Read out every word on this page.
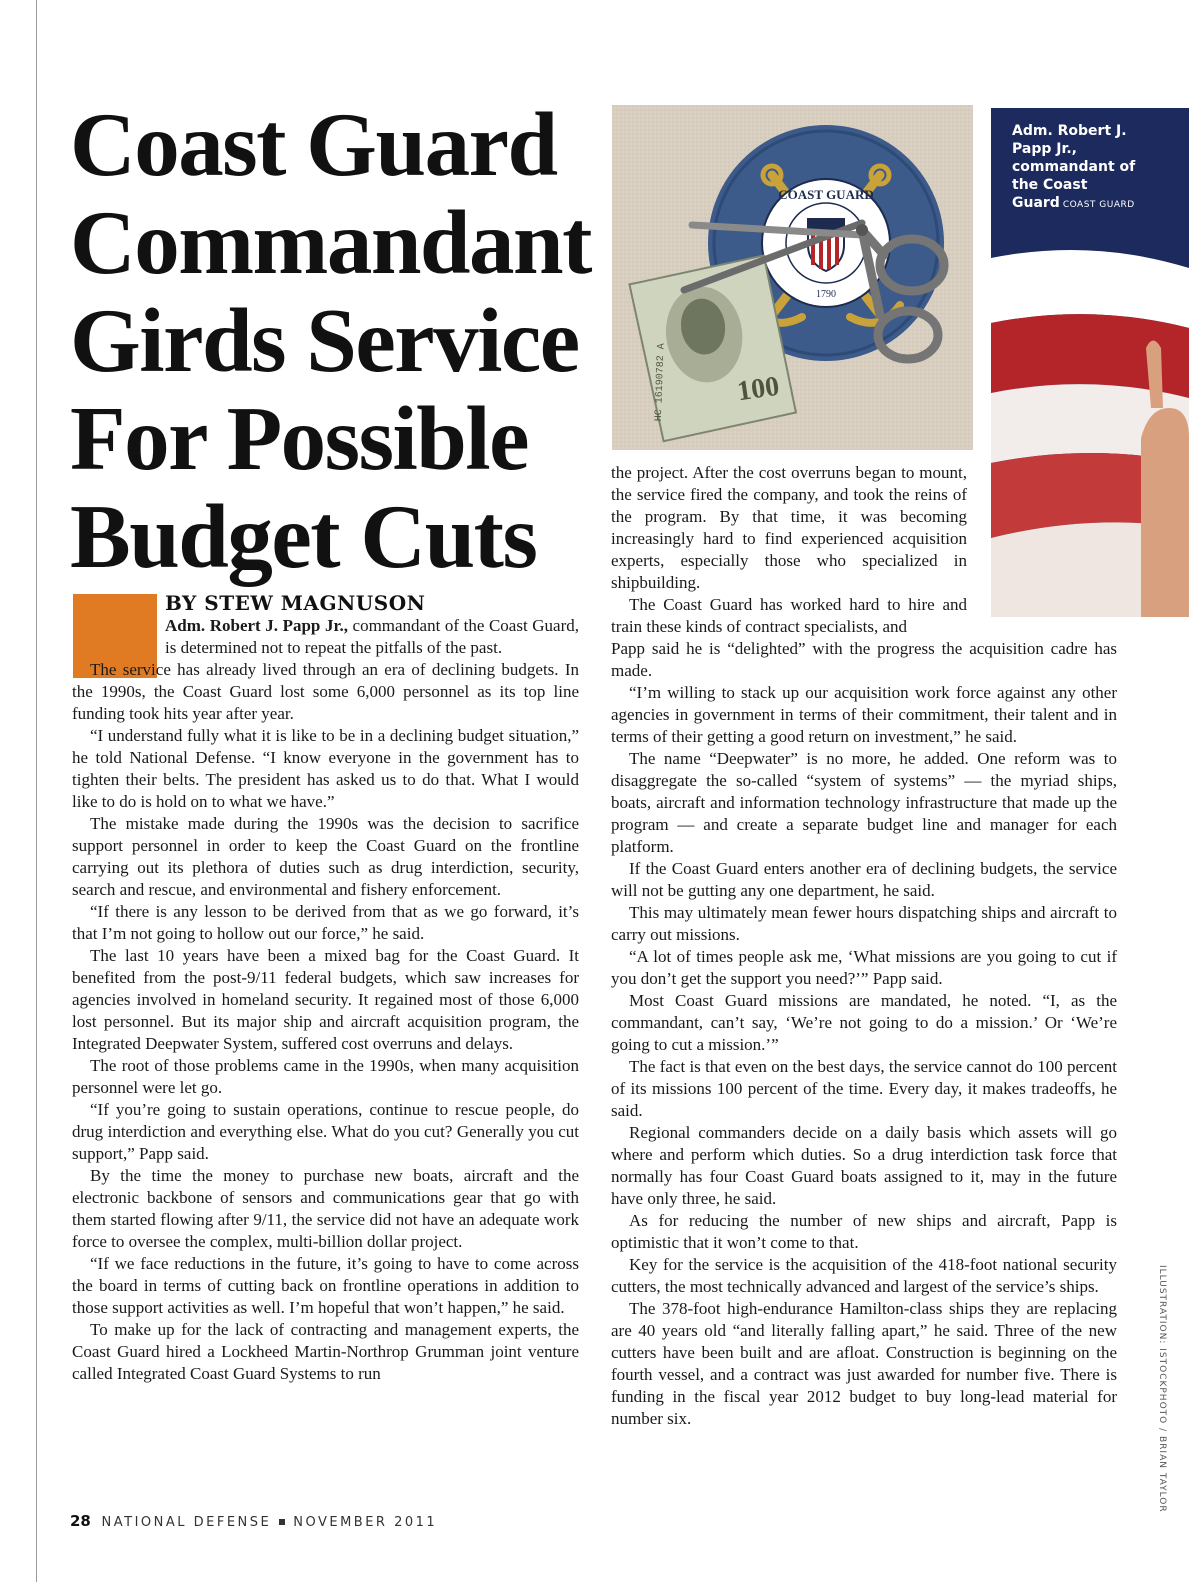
Coast Guard
Commandant
Girds Service
For Possible
Budget Cuts
COAST GUARD
1790
100
HC 16190782 A
Adm. Robert J. Papp Jr., commandant of the Coast Guard COAST GUARD
BY STEW MAGNUSON

Adm. Robert J. Papp Jr., commandant of the Coast Guard, is determined not to repeat the pitfalls of the past.

The service has already lived through an era of declining budgets. In the 1990s, the Coast Guard lost some 6,000 personnel as its top line funding took hits year after year.

“I understand fully what it is like to be in a declining budget situation,” he told National Defense. “I know everyone in the government has to tighten their belts. The president has asked us to do that. What I would like to do is hold on to what we have.”

The mistake made during the 1990s was the decision to sacrifice support personnel in order to keep the Coast Guard on the frontline carrying out its plethora of duties such as drug interdiction, security, search and rescue, and environmental and fishery enforcement.

“If there is any lesson to be derived from that as we go forward, it’s that I’m not going to hollow out our force,” he said.

The last 10 years have been a mixed bag for the Coast Guard. It benefited from the post-9/11 federal budgets, which saw increases for agencies involved in homeland security. It regained most of those 6,000 lost personnel. But its major ship and aircraft acquisition program, the Integrated Deepwater System, suffered cost overruns and delays.

The root of those problems came in the 1990s, when many acquisition personnel were let go.

“If you’re going to sustain operations, continue to rescue people, do drug interdiction and everything else. What do you cut? Generally you cut support,” Papp said.

By the time the money to purchase new boats, aircraft and the electronic backbone of sensors and communications gear that go with them started flowing after 9/11, the service did not have an adequate work force to oversee the complex, multi-billion dollar project.

“If we face reductions in the future, it’s going to have to come across the board in terms of cutting back on frontline operations in addition to those support activities as well. I’m hopeful that won’t happen,” he said.

To make up for the lack of contracting and management experts, the Coast Guard hired a Lockheed Martin-Northrop Grumman joint venture called Integrated Coast Guard Systems to run

the project. After the cost overruns began to mount, the service fired the company, and took the reins of the program. By that time, it was becoming increasingly hard to find experienced acquisition experts, especially those who specialized in shipbuilding.

The Coast Guard has worked hard to hire and train these kinds of contract specialists, and

Papp said he is “delighted” with the progress the acquisition cadre has made.

“I’m willing to stack up our acquisition work force against any other agencies in government in terms of their commitment, their talent and in terms of their getting a good return on investment,” he said.

The name “Deepwater” is no more, he added. One reform was to disaggregate the so-called “system of systems” — the myriad ships, boats, aircraft and information technology infrastructure that made up the program — and create a separate budget line and manager for each platform.

If the Coast Guard enters another era of declining budgets, the service will not be gutting any one department, he said.

This may ultimately mean fewer hours dispatching ships and aircraft to carry out missions.

“A lot of times people ask me, ‘What missions are you going to cut if you don’t get the support you need?’” Papp said.

Most Coast Guard missions are mandated, he noted. “I, as the commandant, can’t say, ‘We’re not going to do a mission.’ Or ‘We’re going to cut a mission.’”

The fact is that even on the best days, the service cannot do 100 percent of its missions 100 percent of the time. Every day, it makes tradeoffs, he said.

Regional commanders decide on a daily basis which assets will go where and perform which duties. So a drug interdiction task force that normally has four Coast Guard boats assigned to it, may in the future have only three, he said.

As for reducing the number of new ships and aircraft, Papp is optimistic that it won’t come to that.

Key for the service is the acquisition of the 418-foot national security cutters, the most technically advanced and largest of the service’s ships.

The 378-foot high-endurance Hamilton-class ships they are replacing are 40 years old “and literally falling apart,” he said. Three of the new cutters have been built and are afloat. Construction is beginning on the fourth vessel, and a contract was just awarded for number five. There is funding in the fiscal year 2012 budget to buy long-lead material for number six.	ILLUSTRATION: ISTOCKPHOTO / BRIAN TAYLOR
28 NATIONAL DEFENSE NOVEMBER 2011
